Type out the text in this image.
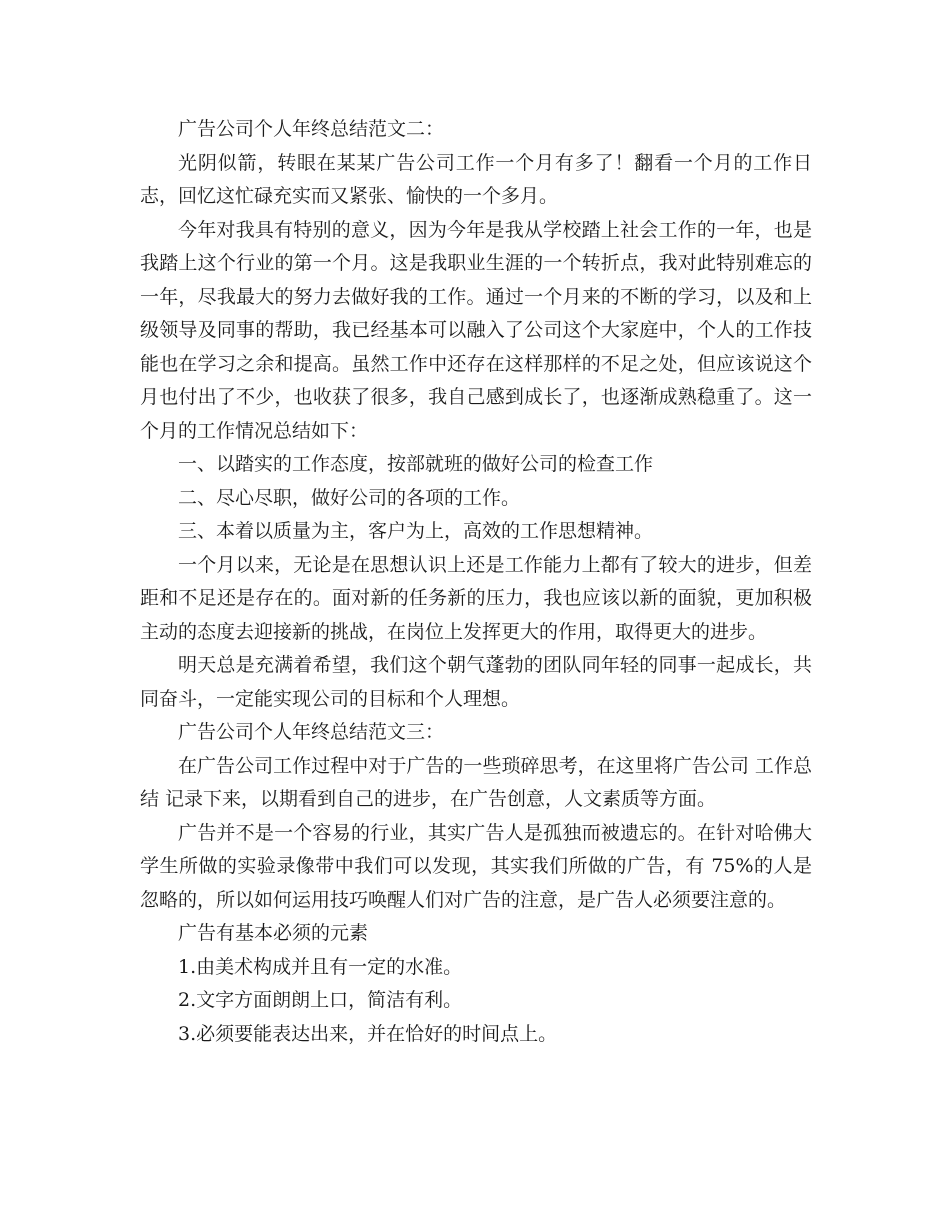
广告公司个人年终总结范文二：

光阴似箭，转眼在某某广告公司工作一个月有多了！翻看一个月的工作日志，回忆这忙碌充实而又紧张、愉快的一个多月。

今年对我具有特别的意义，因为今年是我从学校踏上社会工作的一年，也是我踏上这个行业的第一个月。这是我职业生涯的一个转折点，我对此特别难忘的一年，尽我最大的努力去做好我的工作。通过一个月来的不断的学习，以及和上级领导及同事的帮助，我已经基本可以融入了公司这个大家庭中，个人的工作技能也在学习之余和提高。虽然工作中还存在这样那样的不足之处，但应该说这个月也付出了不少，也收获了很多，我自己感到成长了，也逐渐成熟稳重了。这一个月的工作情况总结如下：

一、以踏实的工作态度，按部就班的做好公司的检查工作

二、尽心尽职，做好公司的各项的工作。

三、本着以质量为主，客户为上，高效的工作思想精神。

一个月以来，无论是在思想认识上还是工作能力上都有了较大的进步，但差距和不足还是存在的。面对新的任务新的压力，我也应该以新的面貌，更加积极主动的态度去迎接新的挑战，在岗位上发挥更大的作用，取得更大的进步。

明天总是充满着希望，我们这个朝气蓬勃的团队同年轻的同事一起成长，共同奋斗，一定能实现公司的目标和个人理想。

广告公司个人年终总结范文三：

在广告公司工作过程中对于广告的一些琐碎思考，在这里将广告公司 工作总结 记录下来，以期看到自己的进步，在广告创意，人文素质等方面。

广告并不是一个容易的行业，其实广告人是孤独而被遗忘的。在针对哈佛大学生所做的实验录像带中我们可以发现，其实我们所做的广告，有 75%的人是忽略的，所以如何运用技巧唤醒人们对广告的注意，是广告人必须要注意的。

广告有基本必须的元素

1.由美术构成并且有一定的水准。

2.文字方面朗朗上口，简洁有利。

3.必须要能表达出来，并在恰好的时间点上。
